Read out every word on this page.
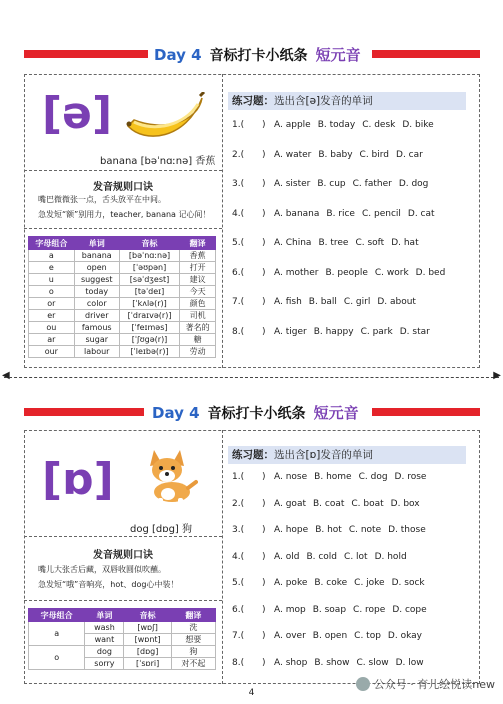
Day 4 音标打卡小纸条 短元音
[ə]
banana [bəˈnɑːnə] 香蕉
发音规则口诀
嘴巴微微张一点，舌头放平在中间。
急发短“额”别用力，teacher, banana 记心间！
字母组合	单词	音标	翻译
a	banana	[bəˈnɑːnə]	香蕉
e	open	[ˈəʊpən]	打开
u	suggest	[səˈdʒest]	建议
o	today	[təˈdeɪ]	今天
or	color	[ˈkʌlə(r)]	颜色
er	driver	[ˈdraɪvə(r)]	司机
ou	famous	[ˈfeɪməs]	著名的
ar	sugar	[ˈʃʊgə(r)]	糖
our	labour	[ˈleɪbə(r)]	劳动
练习题：选出含[ə]发音的单词
1.(	) A. apple B. today C. desk D. bike
2.(	) A. water B. baby C. bird D. car
3.(	) A. sister B. cup C. father D. dog
4.(	) A. banana B. rice C. pencil D. cat
5.(	) A. China B. tree C. soft D. hat
6.(	) A. mother B. people C. work D. bed
7.(	) A. fish B. ball C. girl D. about
8.(	) A. tiger B. happy C. park D. star
◀	▶
Day 4 音标打卡小纸条 短元音
[ɒ]
dog [dɒg] 狗
发音规则口诀
嘴儿大张舌后藏，双唇收圆似吹蘸。
急发短“哦”音响亮，hot、dog心中装！
字母组合	单词	音标	翻译
a	wash	[wɒʃ]	洗
	want	[wɒnt]	想要
o	dog	[dɒg]	狗
	sorry	[ˈsɒri]	对不起
练习题：选出含[ɒ]发音的单词
1.(	) A. nose B. home C. dog D. rose
2.(	) A. goat B. coat C. boat D. box
3.(	) A. hope B. hot C. note D. those
4.(	) A. old B. cold C. lot D. hold
5.(	) A. poke B. coke C. joke D. sock
6.(	) A. mop B. soap C. rope D. cope
7.(	) A. over B. open C. top D. okay
8.(	) A. shop B. show C. slow D. low
公众号 · 育儿绘悦读new
4
